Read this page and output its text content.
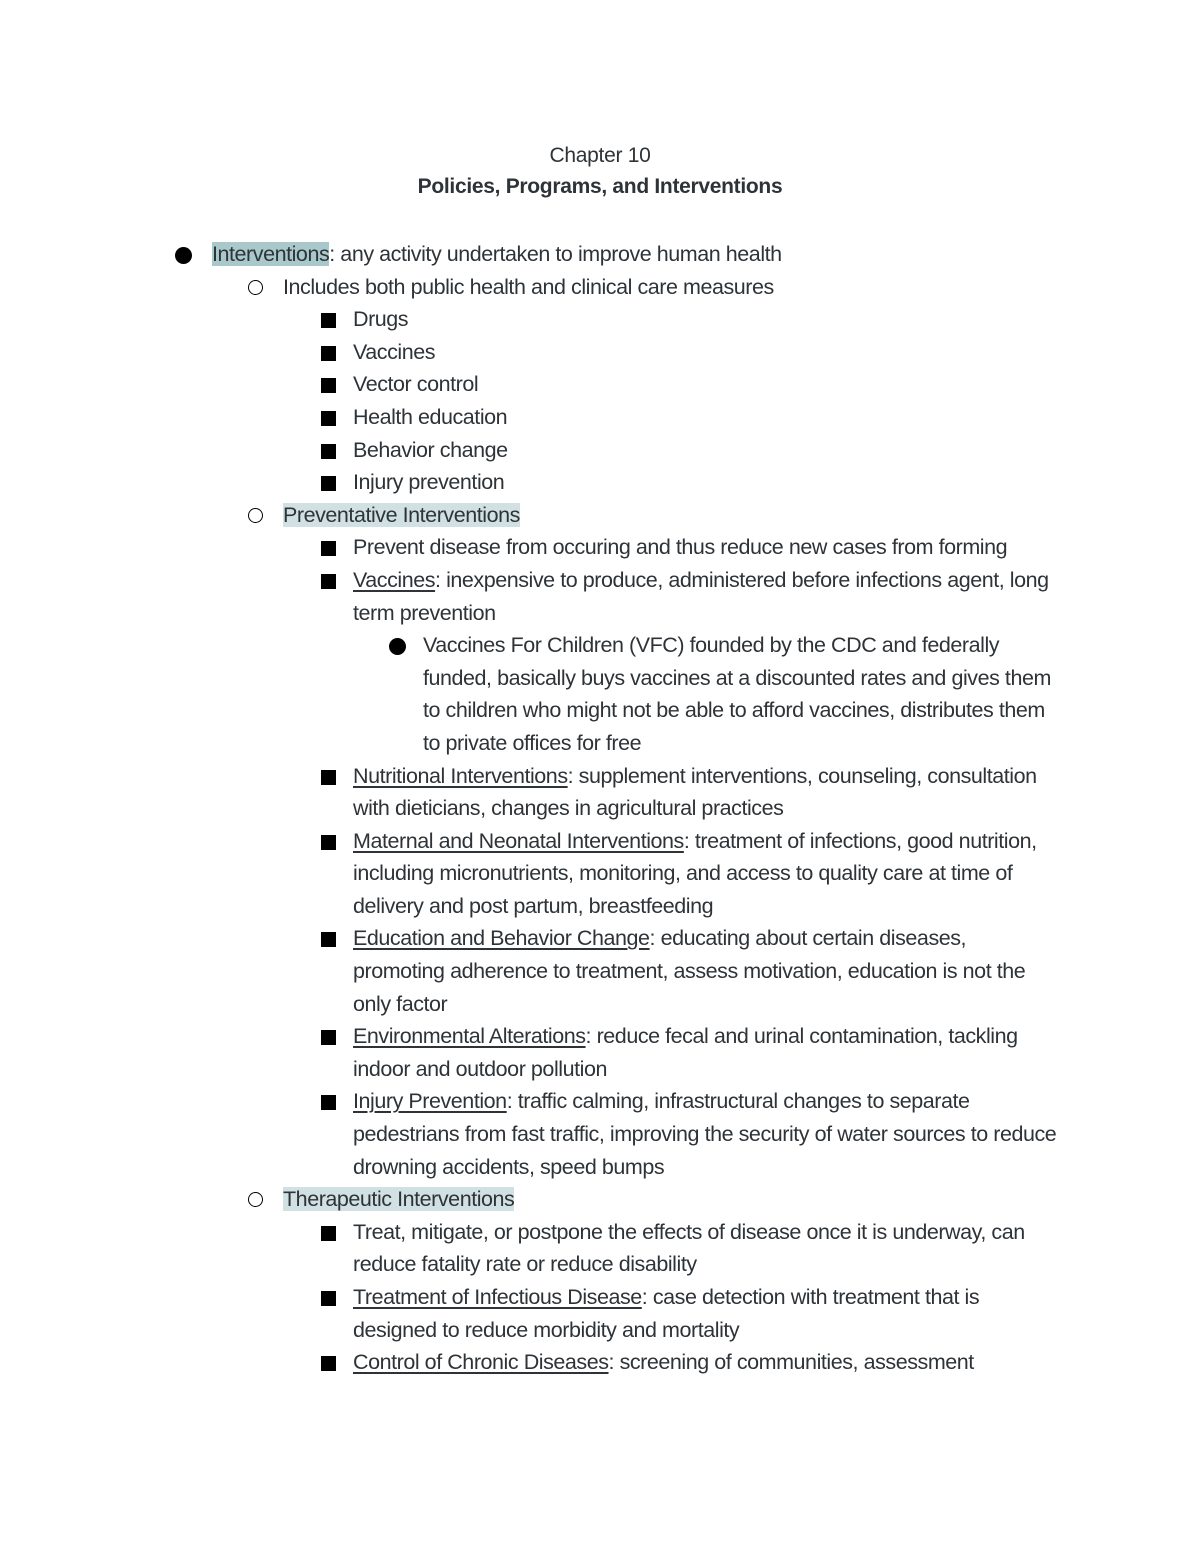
Chapter 10
Policies, Programs, and Interventions
Interventions: any activity undertaken to improve human health
Includes both public health and clinical care measures
Drugs
Vaccines
Vector control
Health education
Behavior change
Injury prevention
Preventative Interventions
Prevent disease from occuring and thus reduce new cases from forming
Vaccines: inexpensive to produce, administered before infections agent, long term prevention
Vaccines For Children (VFC) founded by the CDC and federally funded, basically buys vaccines at a discounted rates and gives them to children who might not be able to afford vaccines, distributes them to private offices for free
Nutritional Interventions: supplement interventions, counseling, consultation with dieticians, changes in agricultural practices
Maternal and Neonatal Interventions: treatment of infections, good nutrition, including micronutrients, monitoring, and access to quality care at time of delivery and post partum, breastfeeding
Education and Behavior Change: educating about certain diseases, promoting adherence to treatment, assess motivation, education is not the only factor
Environmental Alterations: reduce fecal and urinal contamination, tackling indoor and outdoor pollution
Injury Prevention: traffic calming, infrastructural changes to separate pedestrians from fast traffic, improving the security of water sources to reduce drowning accidents, speed bumps
Therapeutic Interventions
Treat, mitigate, or postpone the effects of disease once it is underway, can reduce fatality rate or reduce disability
Treatment of Infectious Disease: case detection with treatment that is designed to reduce morbidity and mortality
Control of Chronic Diseases: screening of communities, assessment
